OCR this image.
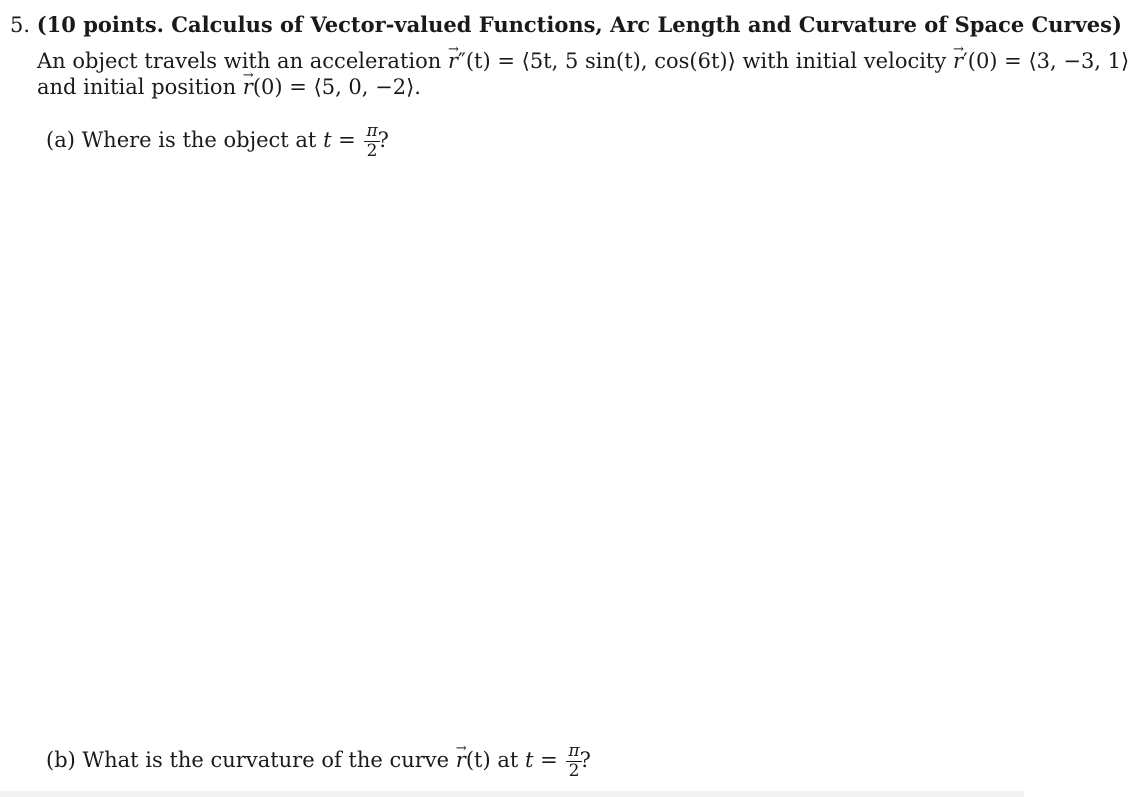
5. (10 points. Calculus of Vector-valued Functions, Arc Length and Curvature of Space Curves)
An object travels with an acceleration → r″(t) = ⟨5t, 5 sin(t), cos(6t)⟩ with initial velocity → r′(0) = ⟨3, −3, 1⟩
and initial position → r(0) = ⟨5, 0, −2⟩.
(a) Where is the object at $t = \frac{\pi}{2}$
?
(b) What is the curvature of the curve → r(t) at $t = \frac{\pi}{2}$
?
